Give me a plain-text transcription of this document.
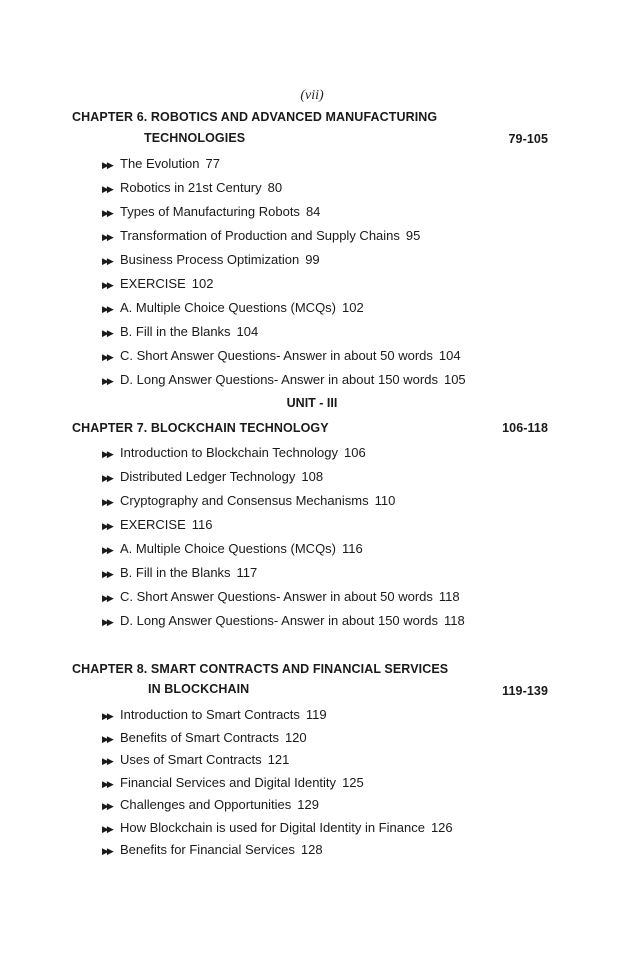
(vii)
CHAPTER 6. ROBOTICS AND ADVANCED MANUFACTURING
TECHNOLOGIES	79-105
▶▶ The Evolution 77
▶▶ Robotics in 21st Century 80
▶▶ Types of Manufacturing Robots 84
▶▶ Transformation of Production and Supply Chains 95
▶▶ Business Process Optimization 99
▶▶ EXERCISE 102
▶▶ A. Multiple Choice Questions (MCQs) 102
▶▶ B. Fill in the Blanks 104
▶▶ C. Short Answer Questions- Answer in about 50 words 104
▶▶ D. Long Answer Questions- Answer in about 150 words 105
UNIT - III
CHAPTER 7. BLOCKCHAIN TECHNOLOGY	106-118
▶▶ Introduction to Blockchain Technology 106
▶▶ Distributed Ledger Technology 108
▶▶ Cryptography and Consensus Mechanisms 110
▶▶ EXERCISE 116
▶▶ A. Multiple Choice Questions (MCQs) 116
▶▶ B. Fill in the Blanks 117
▶▶ C. Short Answer Questions- Answer in about 50 words 118
▶▶ D. Long Answer Questions- Answer in about 150 words 118
CHAPTER 8. SMART CONTRACTS AND FINANCIAL SERVICES
IN BLOCKCHAIN	119-139
▶▶ Introduction to Smart Contracts 119
▶▶ Benefits of Smart Contracts 120
▶▶ Uses of Smart Contracts 121
▶▶ Financial Services and Digital Identity 125
▶▶ Challenges and Opportunities 129
▶▶ How Blockchain is used for Digital Identity in Finance 126
▶▶ Benefits for Financial Services 128
